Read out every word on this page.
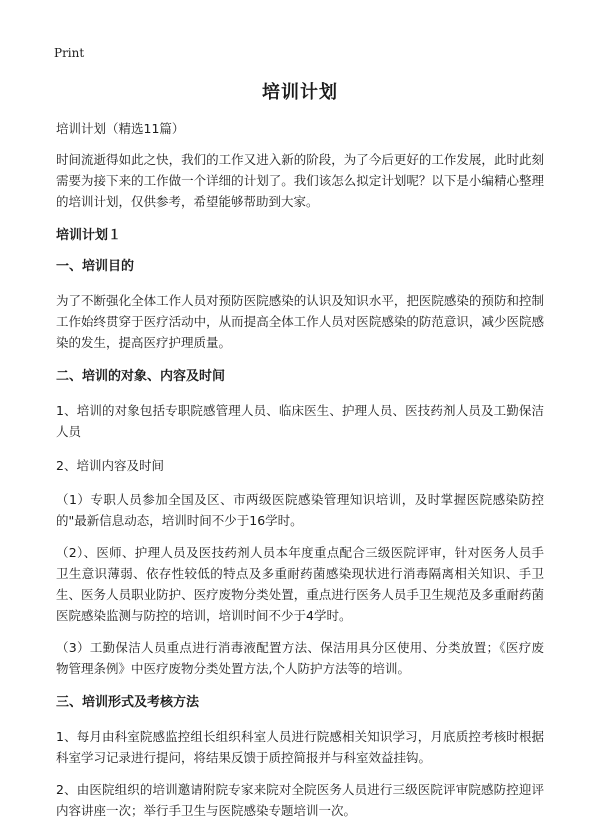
Print
培训计划

培训计划（精选11篇）

时间流逝得如此之快，我们的工作又进入新的阶段，为了今后更好的工作发展，此时此刻需要为接下来的工作做一个详细的计划了。我们该怎么拟定计划呢？以下是小编精心整理的培训计划，仅供参考，希望能够帮助到大家。

培训计划１
一、培训目的

为了不断强化全体工作人员对预防医院感染的认识及知识水平，把医院感染的预防和控制工作始终贯穿于医疗活动中，从而提高全体工作人员对医院感染的防范意识，减少医院感染的发生，提高医疗护理质量。

二、培训的对象、内容及时间

1、培训的对象包括专职院感管理人员、临床医生、护理人员、医技药剂人员及工勤保洁人员

2、培训内容及时间

（1）专职人员参加全国及区、市两级医院感染管理知识培训，及时掌握医院感染防控的"最新信息动态，培训时间不少于16学时。

（2）、医师、护理人员及医技药剂人员本年度重点配合三级医院评审，针对医务人员手卫生意识薄弱、依存性较低的特点及多重耐药菌感染现状进行消毒隔离相关知识、手卫生、医务人员职业防护、医疗废物分类处置，重点进行医务人员手卫生规范及多重耐药菌医院感染监测与防控的培训，培训时间不少于4学时。

（3）工勤保洁人员重点进行消毒液配置方法、保洁用具分区使用、分类放置；《医疗废物管理条例》中医疗废物分类处置方法,个人防护方法等的培训。

三、培训形式及考核方法

1、每月由科室院感监控组长组织科室人员进行院感相关知识学习，月底质控考核时根据科室学习记录进行提问，将结果反馈于质控简报并与科室效益挂钩。

2、由医院组织的培训邀请附院专家来院对全院医务人员进行三级医院评审院感防控迎评内容讲座一次；举行手卫生与医院感染专题培训一次。
